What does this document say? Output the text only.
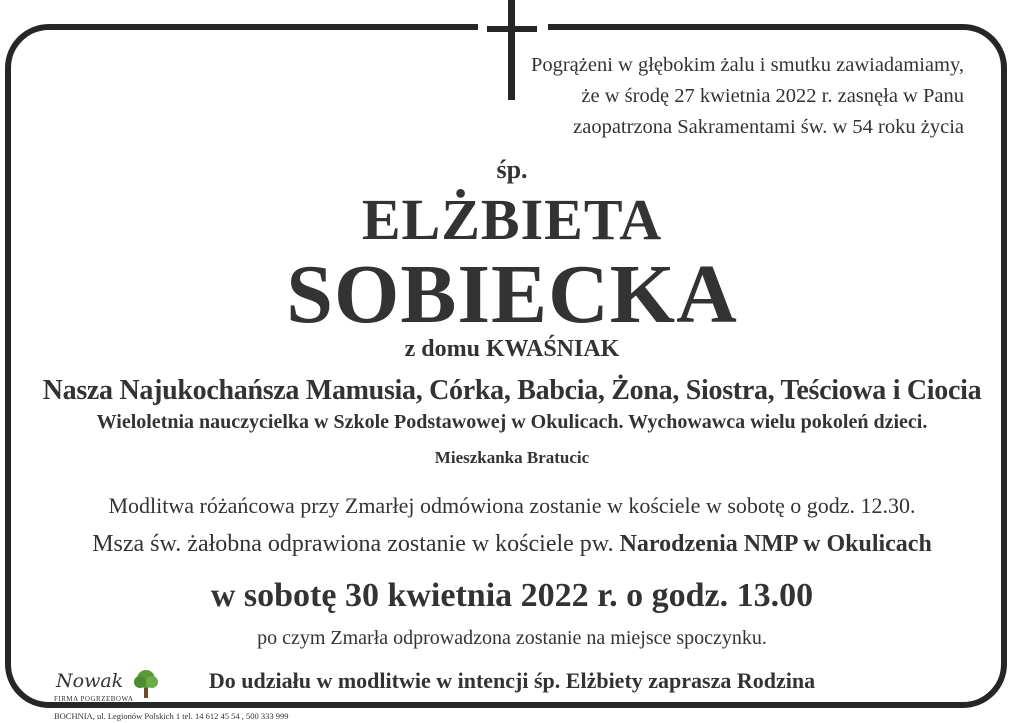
Pogrążeni w głębokim żalu i smutku zawiadamiamy,
że w środę 27 kwietnia 2022 r. zasnęła w Panu
zaopatrzona Sakramentami św. w 54 roku życia
śp.
ELŻBIETA
SOBIECKA
z domu KWAŚNIAK
Nasza Najukochańsza Mamusia, Córka, Babcia, Żona, Siostra, Teściowa i Ciocia
Wieloletnia nauczycielka w Szkole Podstawowej w Okulicach. Wychowawca wielu pokoleń dzieci.
Mieszkanka Bratucic
Modlitwa różańcowa przy Zmarłej odmówiona zostanie w kościele w sobotę o godz. 12.30.
Msza św. żałobna odprawiona zostanie w kościele pw. Narodzenia NMP w Okulicach
w sobotę 30 kwietnia 2022 r. o godz. 13.00
po czym Zmarła odprowadzona zostanie na miejsce spoczynku.
Do udziału w modlitwie w intencji śp. Elżbiety zaprasza Rodzina
Nowak
FIRMA POGRZEBOWA
BOCHNIA, ul. Legionów Polskich 1 tel. 14 612 45 54 , 500 333 999
